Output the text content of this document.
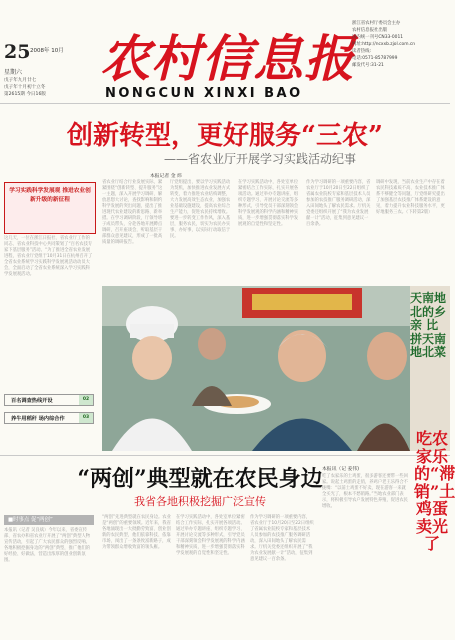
25 2008年 10月
星期六
戊子年九月廿七
戊子年十月初十立冬
第2615期 今日16版
农村信息报
NONGCUN XINXI BAO
浙江省农村厅委员会主办
农村信息报社出版
国内统一刊号CN33-0011
网址:http://ncxxb.zjol.com.cn
读者热线:
电话:0571-85787999
邮发代号:31-21
创新转型，更好服务“三农”
——省农业厅开展学习实践活动纪事
学习实践科学发展观 推进农业创新升级的新征程
本报记者 金 炜
这几天，一位在浙江日报社、省农业厅工作的同志、省农业科技中心共同策划了“百名农技专家下基层服务”活动。“为了推进全省农业发展进程，省农业厅党组于10月31日在杭州召开了全省农业系统学习实践科学发展观活动动员大会，全面启动了全省农业系统深入学习实践科学发展观活动。
省农业厅结合行业发展实际，紧紧围绕“创新转型、提升服务”这一主题，深入开展学习调研、解放思想大讨论，查找影响和制约科学发展的突出问题，提出了推进现代农业建设的新思路、新举措。在学习调研阶段，厅领导班子成员带头，分赴各地开展蹲点调研，召开座谈会，听取基层干部群众意见建议，形成了一批高质量的调研报告。
厅党组提出，要以学习实践活动为契机，加快推进农业发展方式转变，着力推进农业结构调整，大力发展高效生态农业，加强农业基础设施建设，提高农业综合生产能力，促进农民持续增收。要进一步转变工作作风，深入基层，服务农民，切实为农民办实事、办好事，以实际行动取信于民。
在学习实践活动中，各处室单位紧密结合工作实际，扎实开展各项活动。通过举办专题讲座、组织专题学习、开展讨论交流等多种形式，引导党员干部深刻领会科学发展观的科学内涵和精神实质，进一步增强贯彻落实科学发展观的自觉性和坚定性。
作为学习调研的一项重要内容，省农业厅于10月20日至22日组织了省属农业院校专家和基层技术人员参加的农技推广服务调研活动，深入田间地头了解农民需求。厅机关党委还组织开展了“我为农业发展献一计”活动，征集到意见建议一百余条。
调研中发现，当前农业生产中存在着农民科技素质不高、农业技术推广体系不够健全等问题，厅党组研究提出了加强基层农技推广体系建设的意见，着力提升农业科技服务水平，更好地服务三农。（下转第2版）
天南地北的乡亲 比拼天南地北菜
百名调查热线开设	02
养牛用稻秆 场内综合作	03
“两创”典型就在农民身边
我省各地积极挖掘广泛宣传
■时事点 促“两创”
本报讯（记者 吴良斌）今年以来，省委宣传部、省农办和省农业厅开展了“两创”典型人物宣传活动，引起了广大农民群众的强烈反响。各地积极挖掘身边的“两创”典型，推广他们的好经验、好做法，营造出浓厚的创业创新氛围。
“两创”先进典型就在农民身边。农业是“两创”的重要领域。近年来，我省各地涌现出一大批勤劳致富、创业创新的农民典型，他们依靠科技、依靠市场，闯出了一条条致富新路子，成为带领群众增收致富的领头雁。
在学习实践活动中，各处室单位紧密结合工作实际，扎实开展各项活动。通过举办专题讲座、组织专题学习、开展讨论交流等多种形式，引导党员干部深刻领会科学发展观的科学内涵和精神实质，进一步增强贯彻落实科学发展观的自觉性和坚定性。
作为学习调研的一项重要内容，省农业厅于10月20日至22日组织了省属农业院校专家和基层技术人员参加的农技推广服务调研活动，深入田间地头了解农民需求。厅机关党委还组织开展了“我为农业发展献一计”活动，征集到意见建议一百余条。
本报讯（记 姜伟)
吃了农家乐的土鸡蛋，很多游客还要带一些回家。说起土鸡蛋的走俏，养鸡户老王乐得合不拢嘴：“以前土鸡蛋不好卖，现在游客一来就全买光了，根本不愁销路。”当地农业部门表示，将积极引导农户发展特色养殖，促进农民增收。
吃农家乐的“滞销”土鸡蛋卖光了
